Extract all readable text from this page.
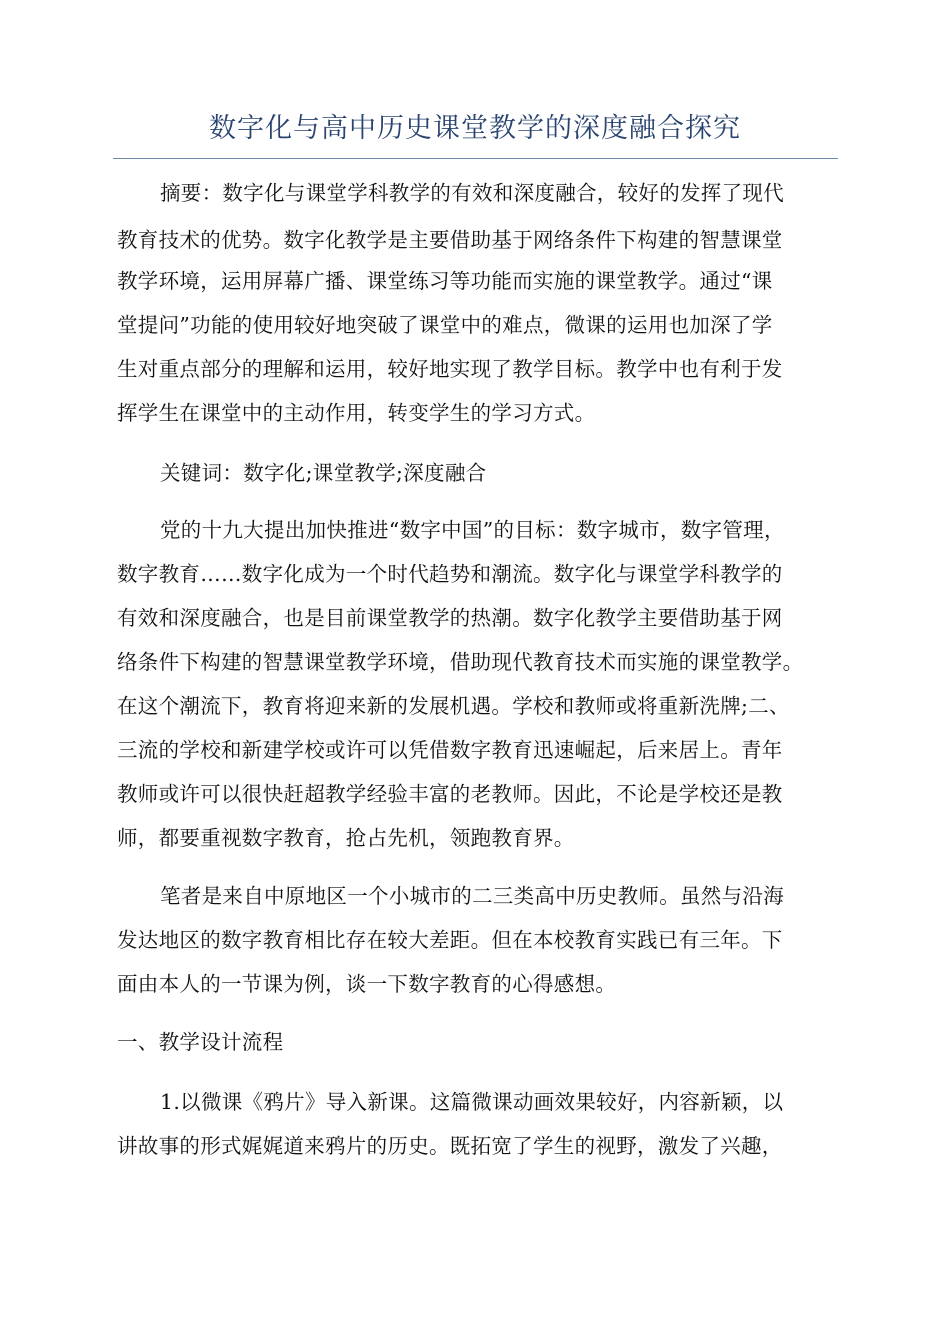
数字化与高中历史课堂教学的深度融合探究
摘要：数字化与课堂学科教学的有效和深度融合，较好的发挥了现代
教育技术的优势。数字化教学是主要借助基于网络条件下构建的智慧课堂
教学环境，运用屏幕广播、课堂练习等功能而实施的课堂教学。通过“课
堂提问”功能的使用较好地突破了课堂中的难点，微课的运用也加深了学
生对重点部分的理解和运用，较好地实现了教学目标。教学中也有利于发
挥学生在课堂中的主动作用，转变学生的学习方式。
关键词：数字化;课堂教学;深度融合
党的十九大提出加快推进“数字中国”的目标：数字城市，数字管理，
数字教育……数字化成为一个时代趋势和潮流。数字化与课堂学科教学的
有效和深度融合，也是目前课堂教学的热潮。数字化教学主要借助基于网
络条件下构建的智慧课堂教学环境，借助现代教育技术而实施的课堂教学。
在这个潮流下，教育将迎来新的发展机遇。学校和教师或将重新洗牌;二、
三流的学校和新建学校或许可以凭借数字教育迅速崛起，后来居上。青年
教师或许可以很快赶超教学经验丰富的老教师。因此，不论是学校还是教
师，都要重视数字教育，抢占先机，领跑教育界。
笔者是来自中原地区一个小城市的二三类高中历史教师。虽然与沿海
发达地区的数字教育相比存在较大差距。但在本校教育实践已有三年。下
面由本人的一节课为例，谈一下数字教育的心得感想。
一、教学设计流程
1.以微课《鸦片》导入新课。这篇微课动画效果较好，内容新颖，以
讲故事的形式娓娓道来鸦片的历史。既拓宽了学生的视野，激发了兴趣，
